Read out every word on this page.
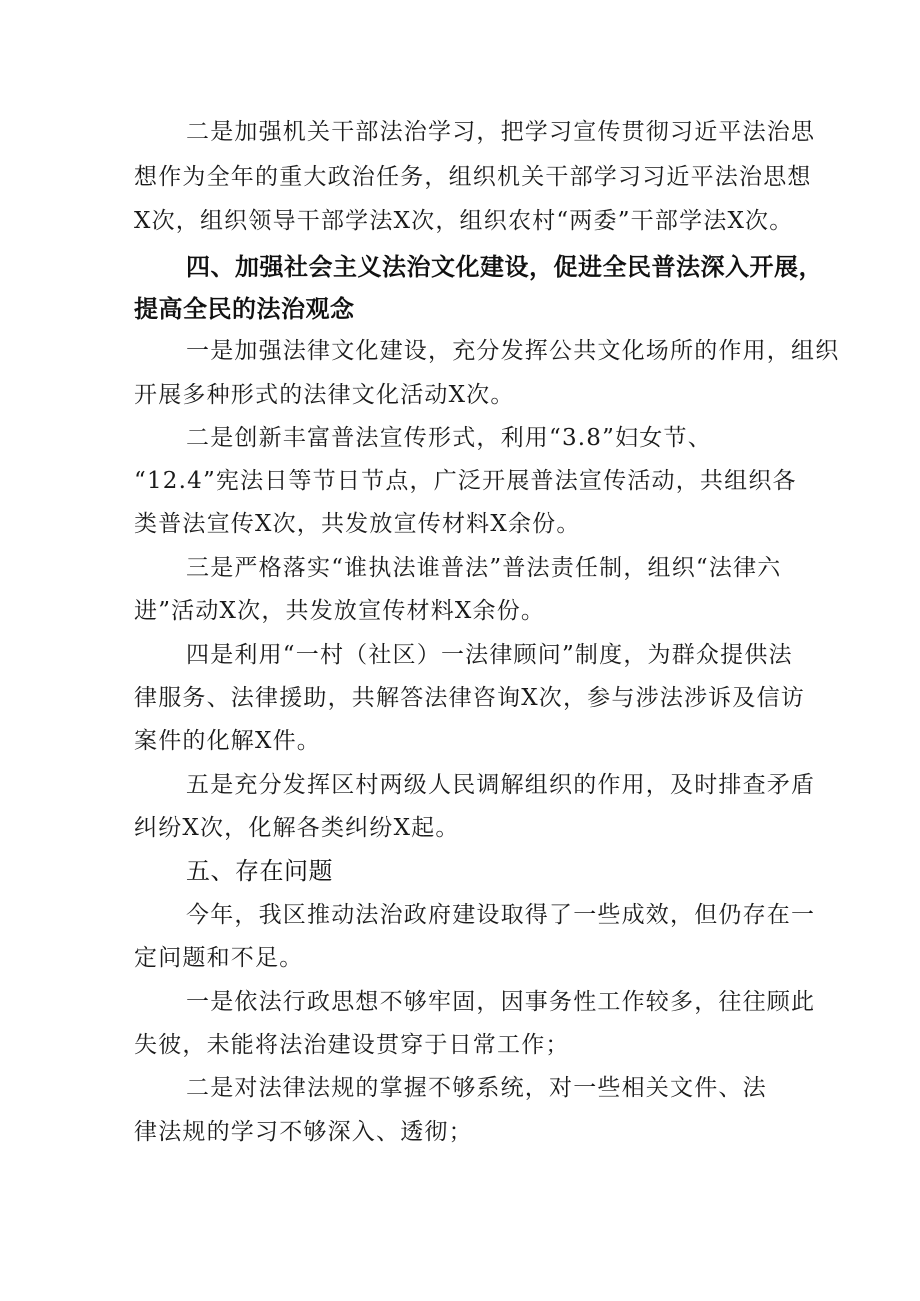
二是加强机关干部法治学习，把学习宣传贯彻习近平法治思
想作为全年的重大政治任务，组织机关干部学习习近平法治思想
X次，组织领导干部学法X次，组织农村“两委”干部学法X次。
四、加强社会主义法治文化建设，促进全民普法深入开展，
提高全民的法治观念
一是加强法律文化建设，充分发挥公共文化场所的作用，组织
开展多种形式的法律文化活动X次。
二是创新丰富普法宣传形式，利用“3.8”妇女节、
“12.4”宪法日等节日节点，广泛开展普法宣传活动，共组织各
类普法宣传X次，共发放宣传材料X余份。
三是严格落实“谁执法谁普法”普法责任制，组织“法律六
进”活动X次，共发放宣传材料X余份。
四是利用“一村（社区）一法律顾问”制度，为群众提供法
律服务、法律援助，共解答法律咨询X次，参与涉法涉诉及信访
案件的化解X件。
五是充分发挥区村两级人民调解组织的作用，及时排查矛盾
纠纷X次，化解各类纠纷X起。
五、存在问题
今年，我区推动法治政府建设取得了一些成效，但仍存在一
定问题和不足。
一是依法行政思想不够牢固，因事务性工作较多，往往顾此
失彼，未能将法治建设贯穿于日常工作；
二是对法律法规的掌握不够系统，对一些相关文件、法
律法规的学习不够深入、透彻；
